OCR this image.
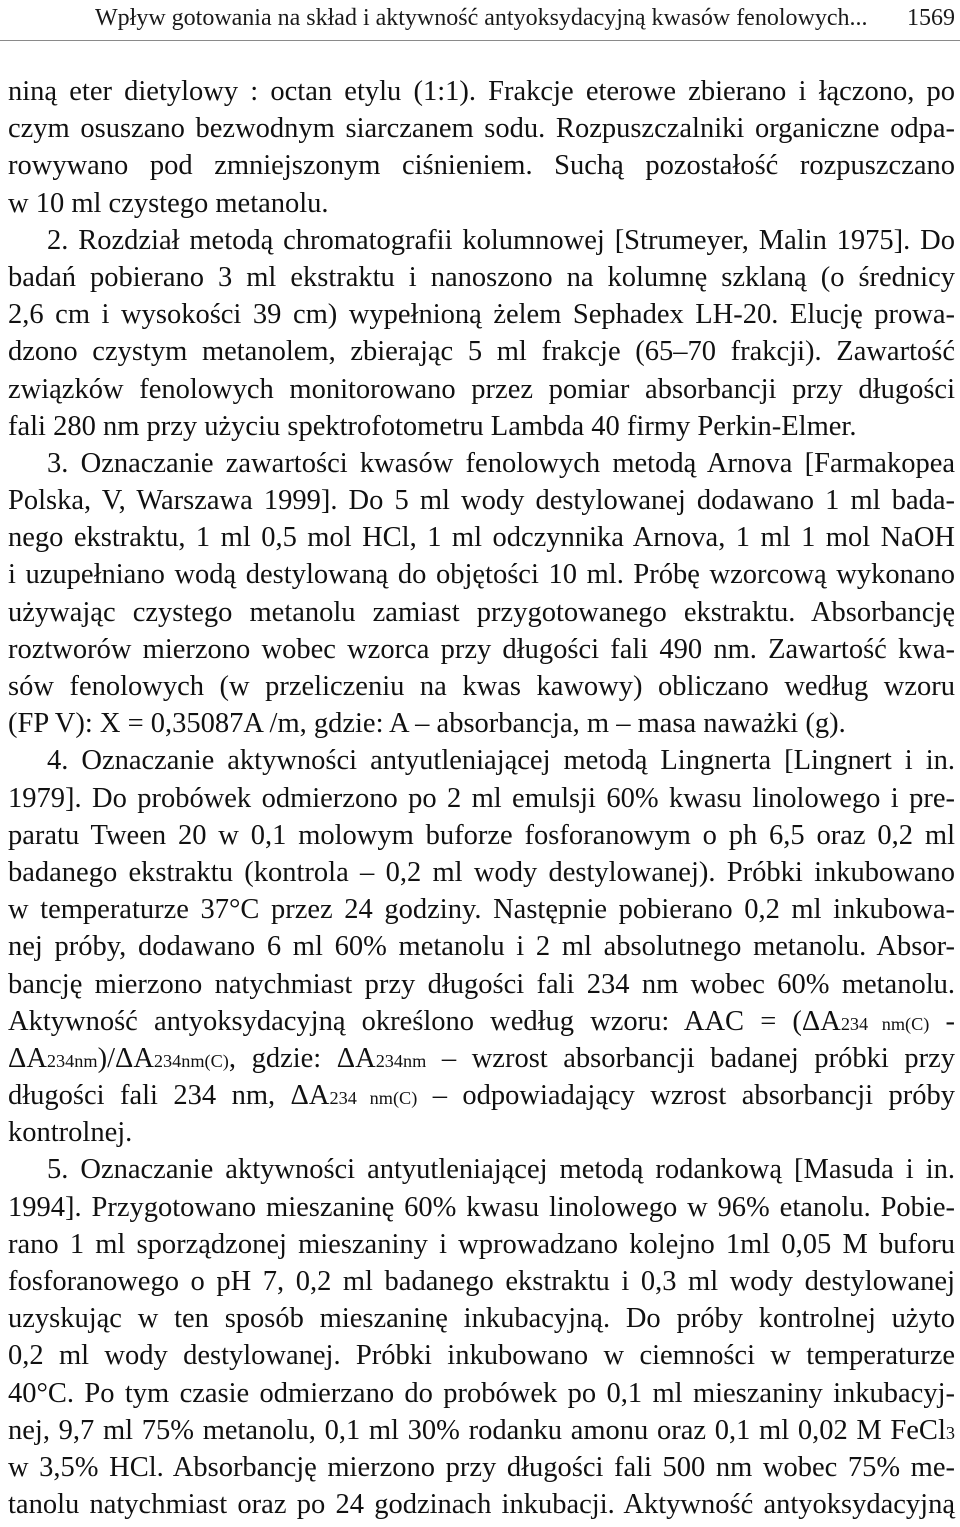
Wpływ gotowania na skład i aktywność antyoksydacyjną kwasów fenolowych... 1569
niną eter dietylowy : octan etylu (1:1). Frakcje eterowe zbierano i łączono, po
czym osuszano bezwodnym siarczanem sodu. Rozpuszczalniki organiczne odpa-
rowywano pod zmniejszonym ciśnieniem. Suchą pozostałość rozpuszczano
w 10 ml czystego metanolu.
2. Rozdział metodą chromatografii kolumnowej [Strumeyer, Malin 1975]. Do
badań pobierano 3 ml ekstraktu i nanoszono na kolumnę szklaną (o średnicy
2,6 cm i wysokości 39 cm) wypełnioną żelem Sephadex LH-20. Elucję prowa-
dzono czystym metanolem, zbierając 5 ml frakcje (65–70 frakcji). Zawartość
związków fenolowych monitorowano przez pomiar absorbancji przy długości
fali 280 nm przy użyciu spektrofotometru Lambda 40 firmy Perkin-Elmer.
3. Oznaczanie zawartości kwasów fenolowych metodą Arnova [Farmakopea
Polska, V, Warszawa 1999]. Do 5 ml wody destylowanej dodawano 1 ml bada-
nego ekstraktu, 1 ml 0,5 mol HCl, 1 ml odczynnika Arnova, 1 ml 1 mol NaOH
i uzupełniano wodą destylowaną do objętości 10 ml. Próbę wzorcową wykonano
używając czystego metanolu zamiast przygotowanego ekstraktu. Absorbancję
roztworów mierzono wobec wzorca przy długości fali 490 nm. Zawartość kwa-
sów fenolowych (w przeliczeniu na kwas kawowy) obliczano według wzoru
(FP V): X = 0,35087A /m, gdzie: A – absorbancja, m – masa naważki (g).
4. Oznaczanie aktywności antyutleniającej metodą Lingnerta [Lingnert i in.
1979]. Do probówek odmierzono po 2 ml emulsji 60% kwasu linolowego i pre-
paratu Tween 20 w 0,1 molowym buforze fosforanowym o ph 6,5 oraz 0,2 ml
badanego ekstraktu (kontrola – 0,2 ml wody destylowanej). Próbki inkubowano
w temperaturze 37°C przez 24 godziny. Następnie pobierano 0,2 ml inkubowa-
nej próby, dodawano 6 ml 60% metanolu i 2 ml absolutnego metanolu. Absor-
bancję mierzono natychmiast przy długości fali 234 nm wobec 60% metanolu.
Aktywność antyoksydacyjną określono według wzoru: AAC = (ΔA234 nm(C) -
ΔA234nm)/ΔA234nm(C), gdzie: ΔA234nm – wzrost absorbancji badanej próbki przy
długości fali 234 nm, ΔA234 nm(C) – odpowiadający wzrost absorbancji próby
kontrolnej.
5. Oznaczanie aktywności antyutleniającej metodą rodankową [Masuda i in.
1994]. Przygotowano mieszaninę 60% kwasu linolowego w 96% etanolu. Pobie-
rano 1 ml sporządzonej mieszaniny i wprowadzano kolejno 1ml 0,05 M buforu
fosforanowego o pH 7, 0,2 ml badanego ekstraktu i 0,3 ml wody destylowanej
uzyskując w ten sposób mieszaninę inkubacyjną. Do próby kontrolnej użyto
0,2 ml wody destylowanej. Próbki inkubowano w ciemności w temperaturze
40°C. Po tym czasie odmierzano do probówek po 0,1 ml mieszaniny inkubacyj-
nej, 9,7 ml 75% metanolu, 0,1 ml 30% rodanku amonu oraz 0,1 ml 0,02 M FeCl3
w 3,5% HCl. Absorbancję mierzono przy długości fali 500 nm wobec 75% me-
tanolu natychmiast oraz po 24 godzinach inkubacji. Aktywność antyoksydacyjną
